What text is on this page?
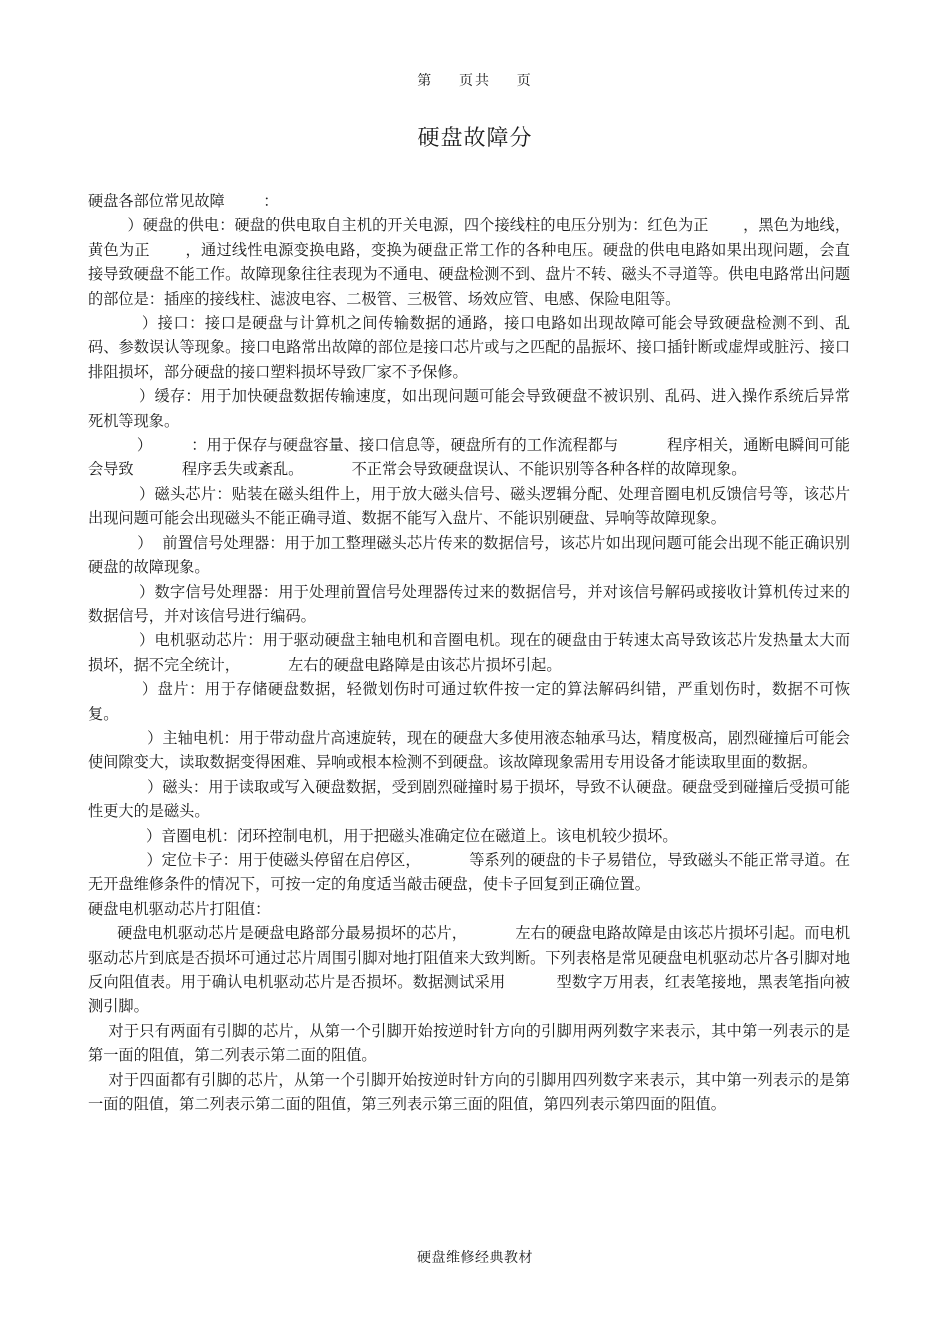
第    页共    页
硬盘故障分

硬盘各部位常见故障        ：

）硬盘的供电：硬盘的供电取自主机的开关电源，四个接线柱的电压分别为：红色为正       ，黑色为地线，黄色为正       ，通过线性电源变换电路，变换为硬盘正常工作的各种电压。硬盘的供电电路如果出现问题，会直接导致硬盘不能工作。故障现象往往表现为不通电、硬盘检测不到、盘片不转、磁头不寻道等。供电电路常出问题的部位是：插座的接线柱、滤波电容、二极管、三极管、场效应管、电感、保险电阻等。

）接口：接口是硬盘与计算机之间传输数据的通路，接口电路如出现故障可能会导致硬盘检测不到、乱码、参数误认等现象。接口电路常出故障的部位是接口芯片或与之匹配的晶振坏、接口插针断或虚焊或脏污、接口排阻损坏，部分硬盘的接口塑料损坏导致厂家不予保修。

）缓存：用于加快硬盘数据传输速度，如出现问题可能会导致硬盘不被识别、乱码、进入操作系统后异常死机等现象。

）        ：用于保存与硬盘容量、接口信息等，硬盘所有的工作流程都与          程序相关，通断电瞬间可能会导致          程序丢失或紊乱。          不正常会导致硬盘误认、不能识别等各种各样的故障现象。

）磁头芯片：贴装在磁头组件上，用于放大磁头信号、磁头逻辑分配、处理音圈电机反馈信号等，该芯片出现问题可能会出现磁头不能正确寻道、数据不能写入盘片、不能识别硬盘、异响等故障现象。

）  前置信号处理器：用于加工整理磁头芯片传来的数据信号，该芯片如出现问题可能会出现不能正确识别硬盘的故障现象。

）数字信号处理器：用于处理前置信号处理器传过来的数据信号，并对该信号解码或接收计算机传过来的数据信号，并对该信号进行编码。

）电机驱动芯片：用于驱动硬盘主轴电机和音圈电机。现在的硬盘由于转速太高导致该芯片发热量太大而损坏，据不完全统计，          左右的硬盘电路障是由该芯片损坏引起。

）盘片：用于存储硬盘数据，轻微划伤时可通过软件按一定的算法解码纠错，严重划伤时，数据不可恢复。

）主轴电机：用于带动盘片高速旋转，现在的硬盘大多使用液态轴承马达，精度极高，剧烈碰撞后可能会使间隙变大，读取数据变得困难、异响或根本检测不到硬盘。该故障现象需用专用设备才能读取里面的数据。

）磁头：用于读取或写入硬盘数据，受到剧烈碰撞时易于损坏，导致不认硬盘。硬盘受到碰撞后受损可能性更大的是磁头。

）音圈电机：闭环控制电机，用于把磁头准确定位在磁道上。该电机较少损坏。

）定位卡子：用于使磁头停留在启停区，          等系列的硬盘的卡子易错位，导致磁头不能正常寻道。在无开盘维修条件的情况下，可按一定的角度适当敲击硬盘，使卡子回复到正确位置。

硬盘电机驱动芯片打阻值：

硬盘电机驱动芯片是硬盘电路部分最易损坏的芯片，          左右的硬盘电路故障是由该芯片损坏引起。而电机驱动芯片到底是否损坏可通过芯片周围引脚对地打阻值来大致判断。下列表格是常见硬盘电机驱动芯片各引脚对地反向阻值表。用于确认电机驱动芯片是否损坏。数据测试采用          型数字万用表，红表笔接地，黑表笔指向被测引脚。

对于只有两面有引脚的芯片，从第一个引脚开始按逆时针方向的引脚用两列数字来表示，其中第一列表示的是第一面的阻值，第二列表示第二面的阻值。

对于四面都有引脚的芯片，从第一个引脚开始按逆时针方向的引脚用四列数字来表示，其中第一列表示的是第一面的阻值，第二列表示第二面的阻值，第三列表示第三面的阻值，第四列表示第四面的阻值。

硬盘维修经典教材
